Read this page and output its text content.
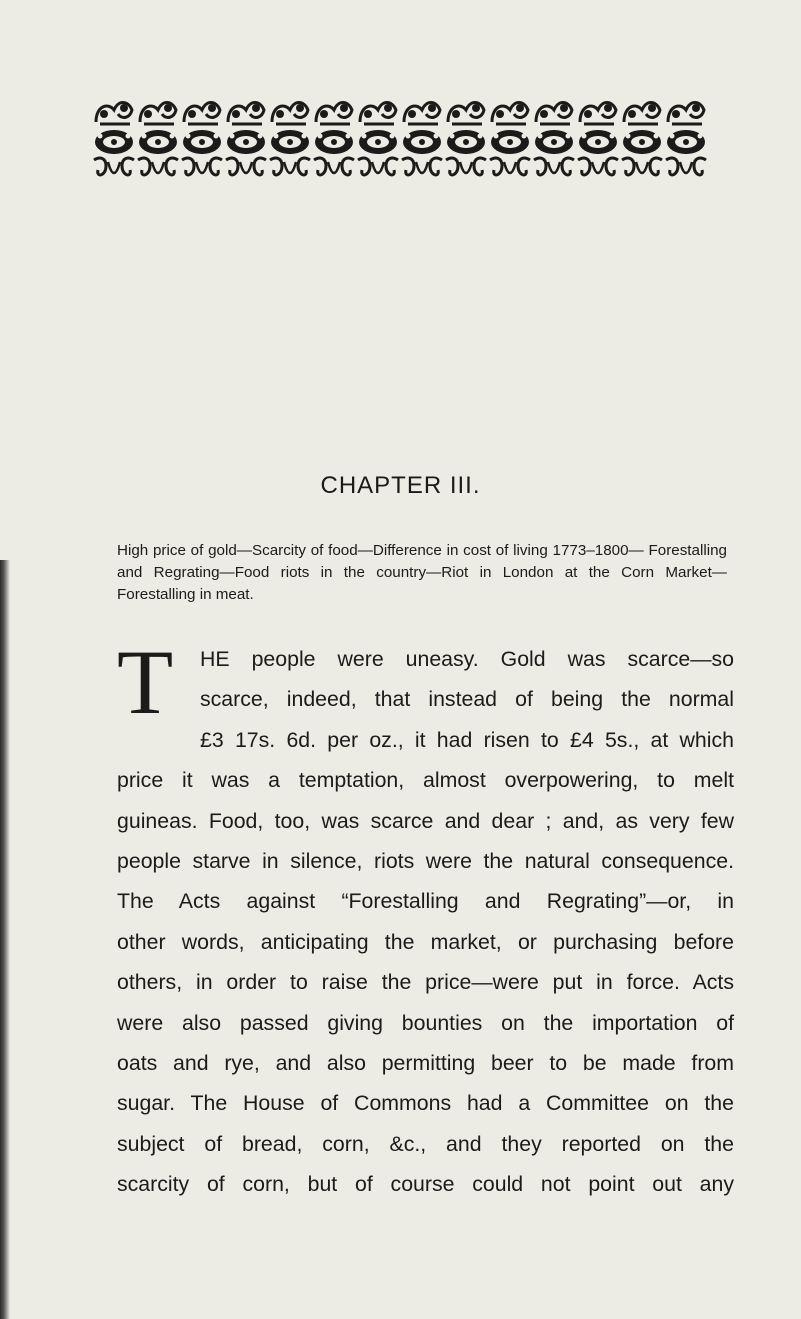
CHAPTER III.
High price of gold—Scarcity of food—Difference in cost of living 1773–1800— Forestalling and Regrating—Food riots in the country—Riot in London at the Corn Market—Forestalling in meat.
T	HE people were uneasy. Gold was scarce—so
scarce, indeed, that instead of being the normal
£3 17s. 6d. per oz., it had risen to £4 5s., at which
price it was a temptation, almost overpowering, to melt
guineas. Food, too, was scarce and dear ; and, as very few
people starve in silence, riots were the natural consequence.
The Acts against “Forestalling and Regrating”—or, in
other words, anticipating the market, or purchasing before
others, in order to raise the price—were put in force. Acts
were also passed giving bounties on the importation of
oats and rye, and also permitting beer to be made from
sugar. The House of Commons had a Committee on the
subject of bread, corn, &c., and they reported on the
scarcity of corn, but of course could not point out any
